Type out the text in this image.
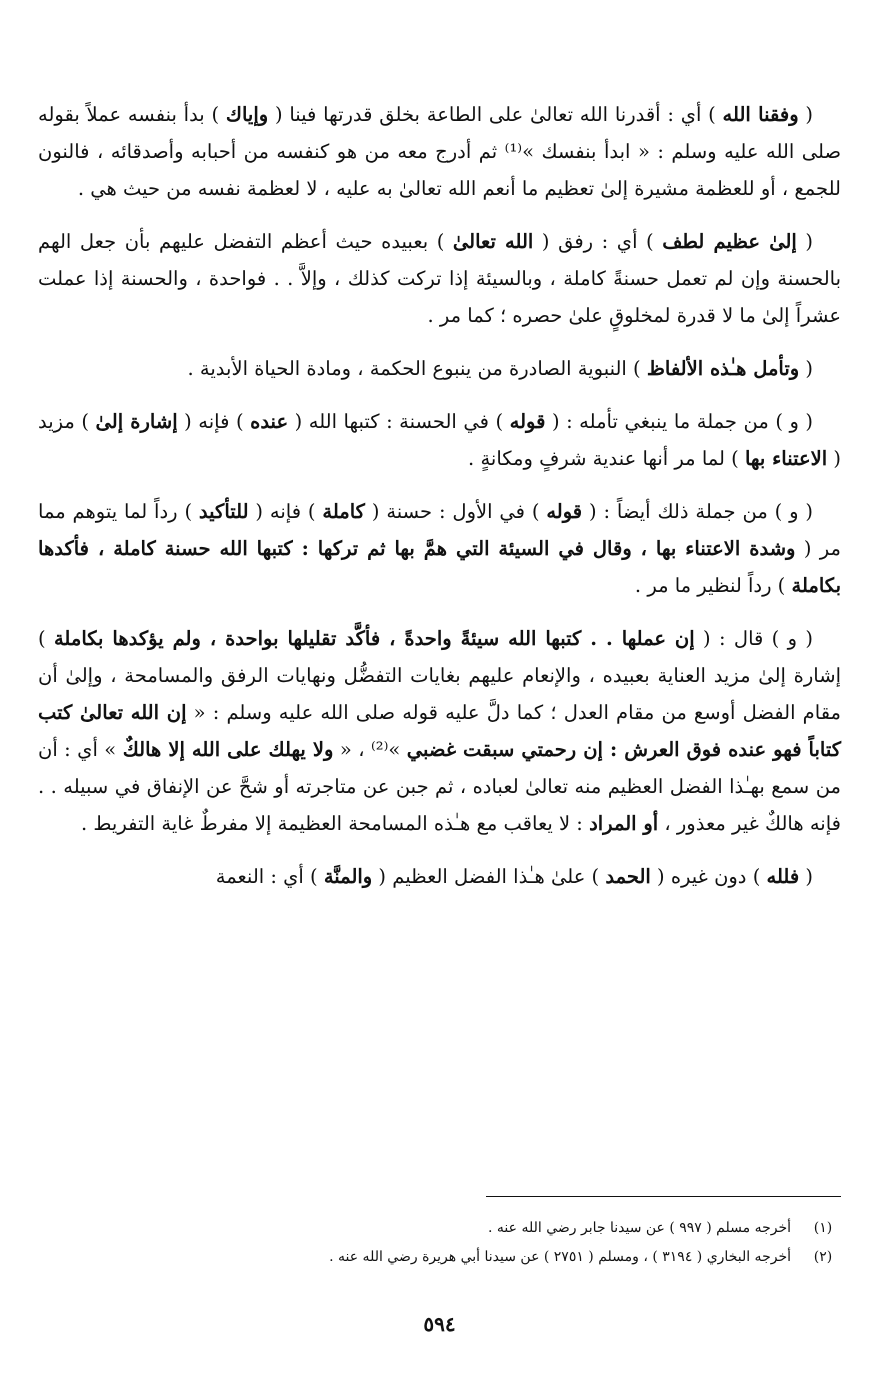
( وفقنا الله ) أي : أقدرنا الله تعالىٰ على الطاعة بخلق قدرتها فينا ( وإياك ) بدأ بنفسه عملاً بقوله صلى الله عليه وسلم : « ابدأ بنفسك »⁽¹⁾ ثم أدرج معه من هو كنفسه من أحبابه وأصدقائه ، فالنون للجمع ، أو للعظمة مشيرة إلىٰ تعظيم ما أنعم الله تعالىٰ به عليه ، لا لعظمة نفسه من حيث هي .

( إلىٰ عظيم لطف ) أي : رفق ( الله تعالىٰ ) بعبيده حيث أعظم التفضل عليهم بأن جعل الهم بالحسنة وإن لم تعمل حسنةً كاملة ، وبالسيئة إذا تركت كذلك ، وإلاَّ . . فواحدة ، والحسنة إذا عملت عشراً إلىٰ ما لا قدرة لمخلوقٍ علىٰ حصره ؛ كما مر .

( وتأمل هـٰذه الألفاظ ) النبوية الصادرة من ينبوع الحكمة ، ومادة الحياة الأبدية .

( و ) من جملة ما ينبغي تأمله : ( قوله ) في الحسنة : كتبها الله ( عنده ) فإنه ( إشارة إلىٰ ) مزيد ( الاعتناء بها ) لما مر أنها عندية شرفٍ ومكانةٍ .

( و ) من جملة ذلك أيضاً : ( قوله ) في الأول : حسنة ( كاملة ) فإنه ( للتأكيد ) رداً لما يتوهم مما مر ( وشدة الاعتناء بها ، وقال في السيئة التي همَّ بها ثم تركها : كتبها الله حسنة كاملة ، فأكدها بكاملة ) رداً لنظير ما مر .

( و ) قال : ( إن عملها . . كتبها الله سيئةً واحدةً ، فأكَّد تقليلها بواحدة ، ولم يؤكدها بكاملة ) إشارة إلىٰ مزيد العناية بعبيده ، والإنعام عليهم بغايات التفضُّل ونهايات الرفق والمسامحة ، وإلىٰ أن مقام الفضل أوسع من مقام العدل ؛ كما دلَّ عليه قوله صلى الله عليه وسلم : « إن الله تعالىٰ كتب كتاباً فهو عنده فوق العرش : إن رحمتي سبقت غضبي »⁽²⁾ ، « ولا يهلك على الله إلا هالكٌ » أي : أن من سمع بهـٰذا الفضل العظيم منه تعالىٰ لعباده ، ثم جبن عن متاجرته أو شحَّ عن الإنفاق في سبيله . . فإنه هالكٌ غير معذور ، أو المراد : لا يعاقب مع هـٰذه المسامحة العظيمة إلا مفرطٌ غاية التفريط .

( فلله ) دون غيره ( الحمد ) علىٰ هـٰذا الفضل العظيم ( والمنَّة ) أي : النعمة

(١)
أخرجه مسلم ( ٩٩٧ ) عن سيدنا جابر رضي الله عنه .
(٢)
أخرجه البخاري ( ٣١٩٤ ) ، ومسلم ( ٢٧٥١ ) عن سيدنا أبي هريرة رضي الله عنه .
٥٩٤
